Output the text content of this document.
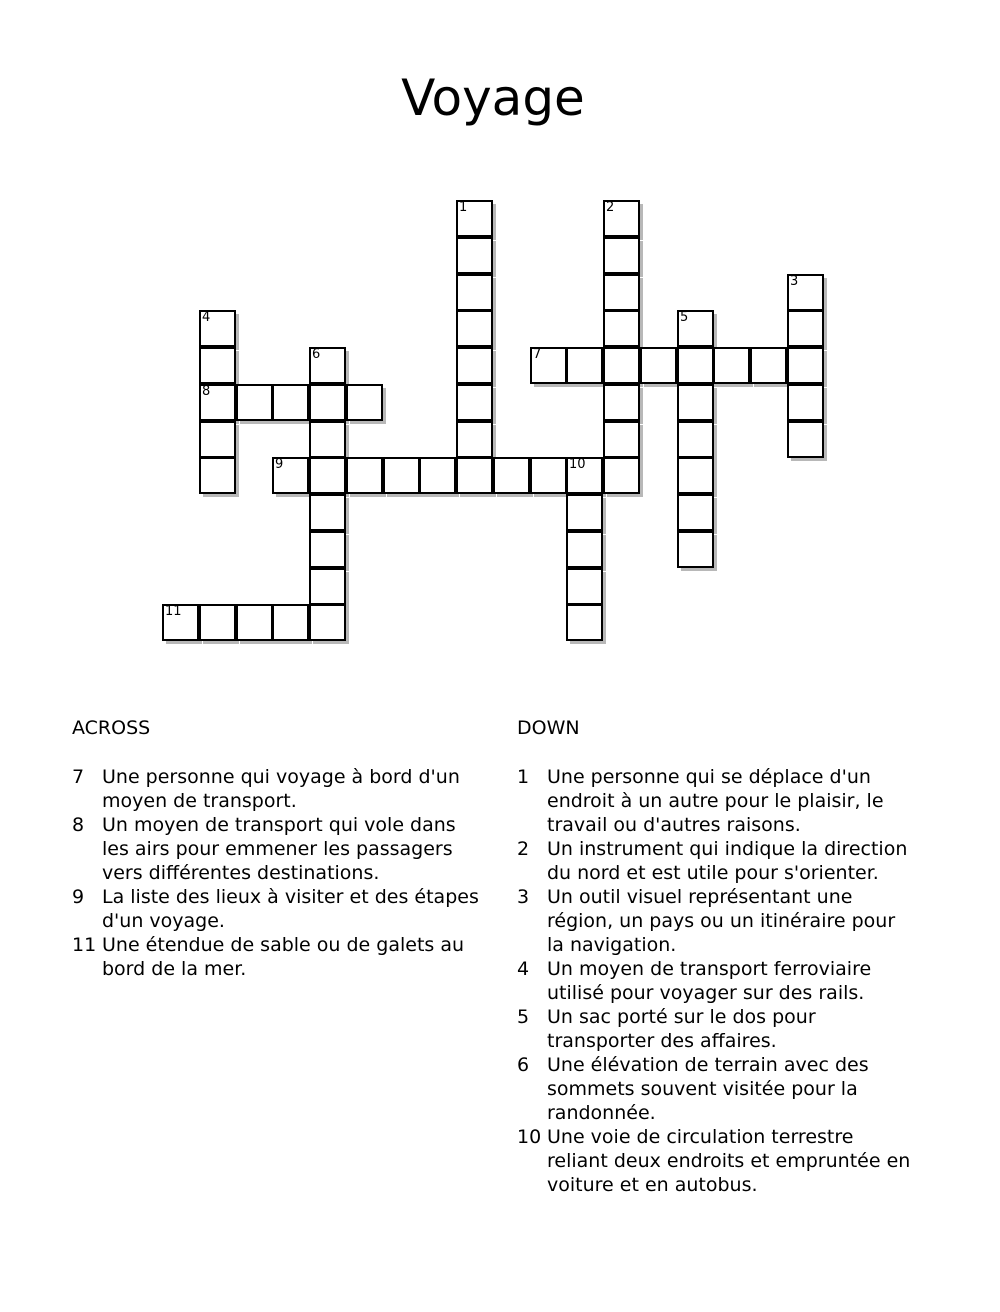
Voyage
1	2
3
4
8
5
6	7
9	10
11
ACROSS	DOWN
7 Une personne qui voyage à bord d'un moyen de transport.
8 Un moyen de transport qui vole dans les airs pour emmener les passagers vers différentes destinations.
9 La liste des lieux à visiter et des étapes d'un voyage.
11 Une étendue de sable ou de galets au bord de la mer.
1 Une personne qui se déplace d'un endroit à un autre pour le plaisir, le travail ou d'autres raisons.
2 Un instrument qui indique la direction du nord et est utile pour s'orienter.
3 Un outil visuel représentant une région, un pays ou un itinéraire pour la navigation.
4 Un moyen de transport ferroviaire utilisé pour voyager sur des rails.
5 Un sac porté sur le dos pour transporter des affaires.
6 Une élévation de terrain avec des sommets souvent visitée pour la randonnée.
10 Une voie de circulation terrestre reliant deux endroits et empruntée en voiture et en autobus.
